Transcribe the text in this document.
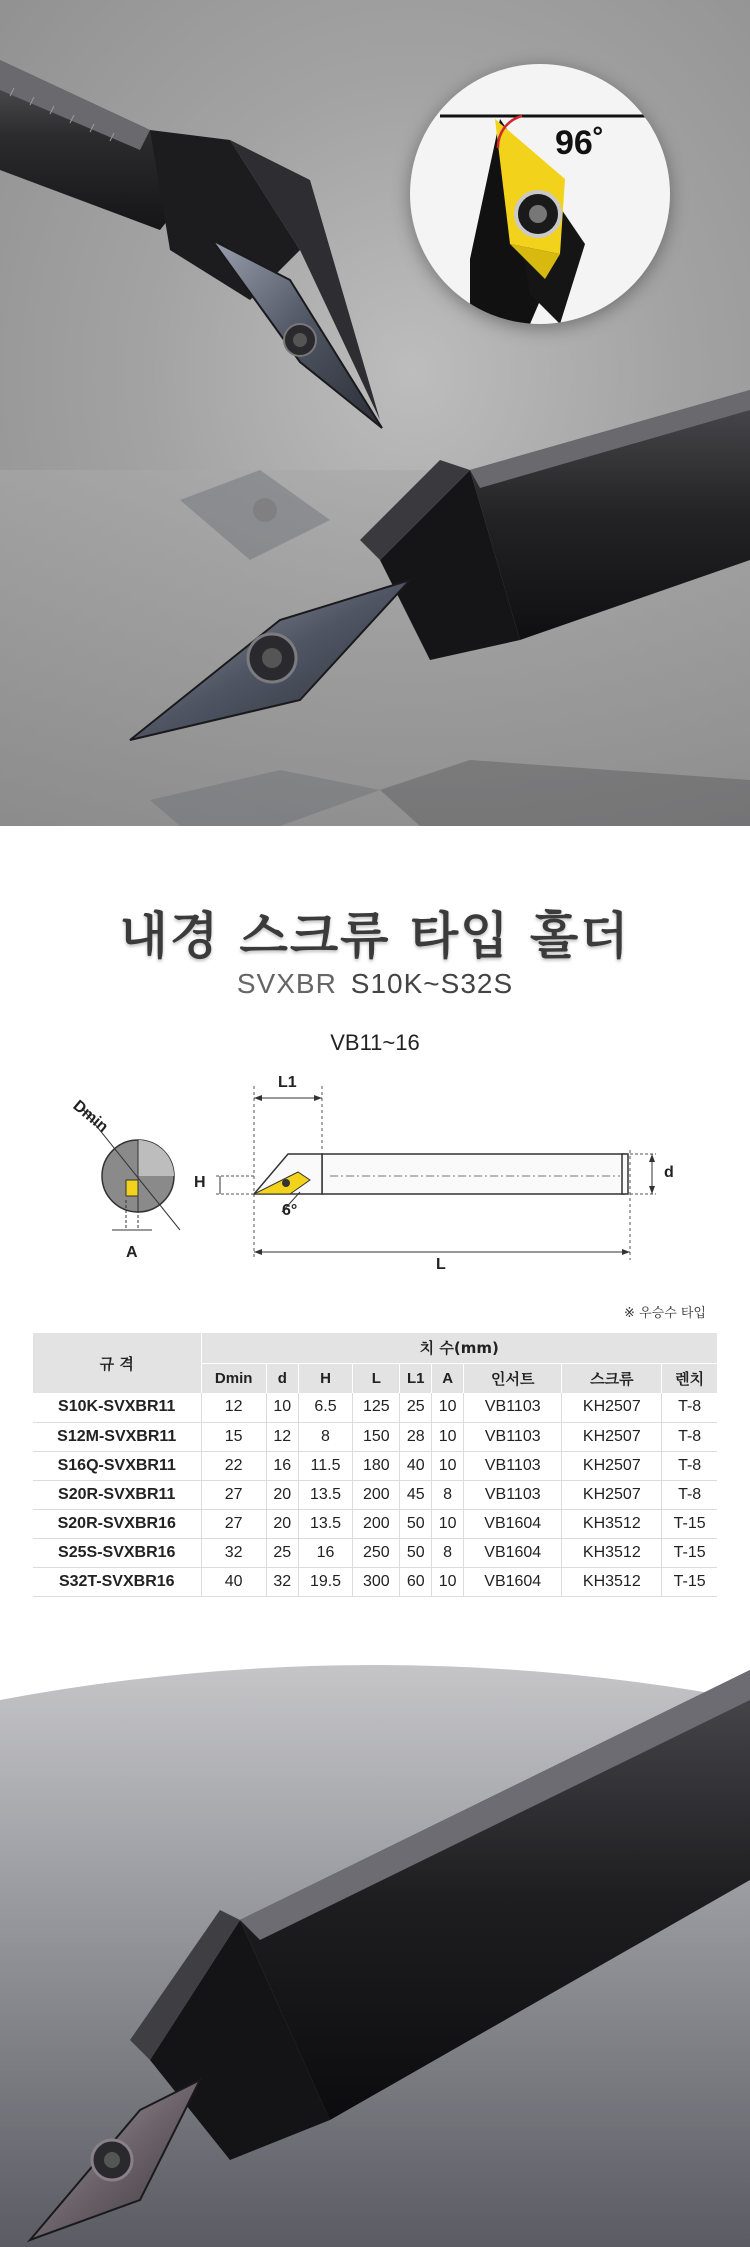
96˚
내경 스크류 타입 홀더
SVXBR S10K~S32S
VB11~16
Dmin
A
L1
H
d
6°
L
※ 우승수 타입
규 격	치 수(mm)								
	Dmin	d	H	L	L1	A	인서트	스크류	렌치
S10K-SVXBR11	12	10	6.5	125	25	10	VB1103	KH2507	T-8
S12M-SVXBR11	15	12	8	150	28	10	VB1103	KH2507	T-8
S16Q-SVXBR11	22	16	11.5	180	40	10	VB1103	KH2507	T-8
S20R-SVXBR11	27	20	13.5	200	45	8	VB1103	KH2507	T-8
S20R-SVXBR16	27	20	13.5	200	50	10	VB1604	KH3512	T-15
S25S-SVXBR16	32	25	16	250	50	8	VB1604	KH3512	T-15
S32T-SVXBR16	40	32	19.5	300	60	10	VB1604	KH3512	T-15
